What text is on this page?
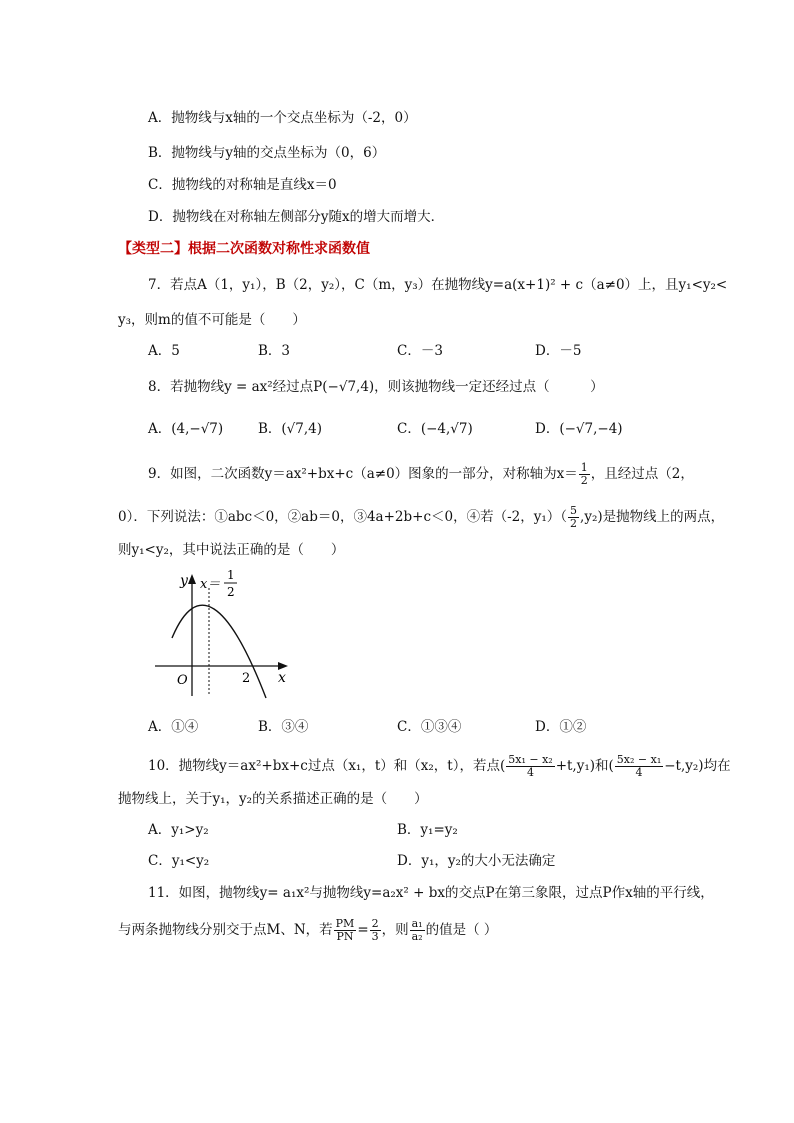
A．抛物线与x轴的一个交点坐标为（-2，0）
B．抛物线与y轴的交点坐标为（0，6）
C．抛物线的对称轴是直线x＝0
D．抛物线在对称轴左侧部分y随x的增大而增大．
【类型二】根据二次函数对称性求函数值
7．若点A（1，y₁），B（2，y₂），C（m，y₃）在抛物线y=a(x+1)² + c（a≠0）上，且y₁<y₂<
y₃，则m的值不可能是（　　）
A．5	B．3	C．－3	D．－5
8．若抛物线y = ax²经过点P(−√7,4)，则该抛物线一定还经过点（　　　）
A．(4,−√7)	B．(√7,4)	C．(−4,√7)	D．(−√7,−4)
9．如图，二次函数y＝ax²+bx+c（a≠0）图象的一部分，对称轴为$x= \frac{1}{2}$ ，且经过点（2，
0）．下列说法：①abc＜0，②ab＝0，③4a+2b+c＜0，④若（-2，$y_1)( \frac{5}{2} ,y_2)$是抛物线上的两点，
则y₁<y₂，其中说法正确的是（　　）
y
x
O	2
x＝
1
2
A．①④	B．③④	C．①③④	D．①②
10．抛物线y＝ax²+bx+c过点（x₁，t）和（x₂，t），若点( $\frac{\text{5x₁ − x₂}}{4} +t,y_1$)和( $\frac{\text{5x₂ − x₁}}{4} -t,y_2$)均在
抛物线上，关于y₁，y₂的关系描述正确的是（　　）
A．y₁>y₂	B．y₁=y₂
C．y₁<y₂	D．y₁，y₂的大小无法确定
11．如图，抛物线y= a₁x²与抛物线y=a₂x² + bx的交点P在第三象限，过点P作x轴的平行线，
与两条抛物线分别交于点M、N，若 $\frac{PM}{PN} = \frac{2}{3}$ ，则 $\frac{\text{a₁}}{\text{a₂}}$ 的值是（ ）
